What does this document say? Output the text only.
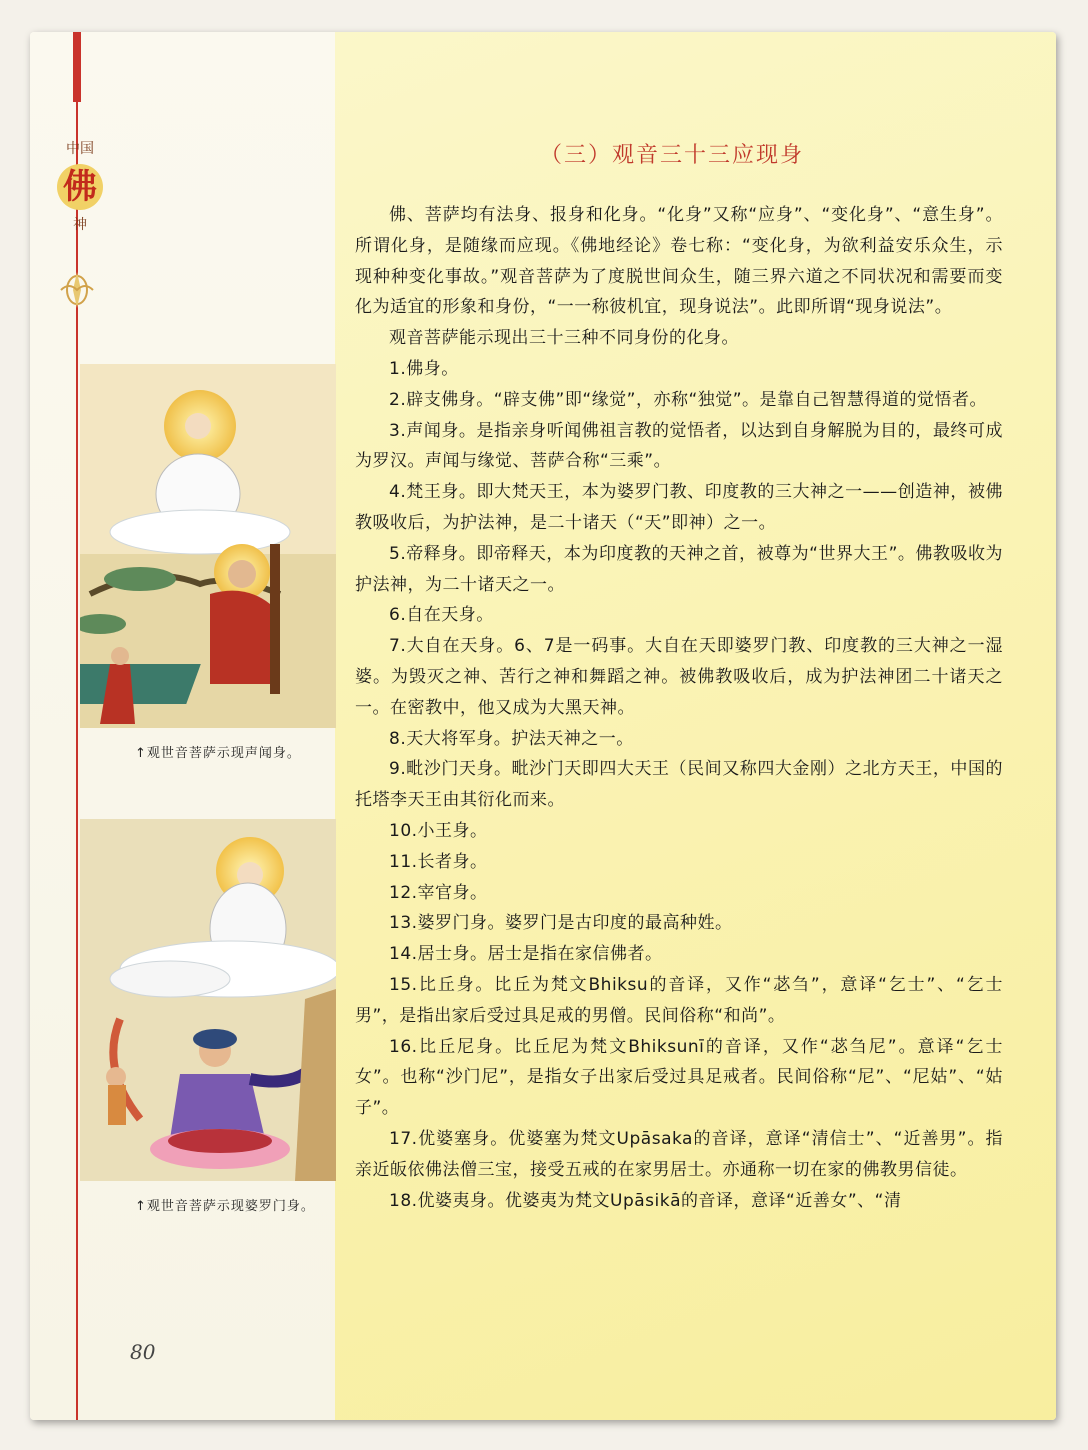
中国
佛
神
↑观世音菩萨示现声闻身。
↑观世音菩萨示现婆罗门身。
80
（三）观音三十三应现身

佛、菩萨均有法身、报身和化身。“化身”又称“应身”、“变化身”、“意生身”。所谓化身，是随缘而应现。《佛地经论》卷七称：“变化身，为欲利益安乐众生，示现种种变化事故。”观音菩萨为了度脱世间众生，随三界六道之不同状况和需要而变化为适宜的形象和身份，“一一称彼机宜，现身说法”。此即所谓“现身说法”。

观音菩萨能示现出三十三种不同身份的化身。

1.佛身。

2.辟支佛身。“辟支佛”即“缘觉”，亦称“独觉”。是靠自己智慧得道的觉悟者。

3.声闻身。是指亲身听闻佛祖言教的觉悟者，以达到自身解脱为目的，最终可成为罗汉。声闻与缘觉、菩萨合称“三乘”。

4.梵王身。即大梵天王，本为婆罗门教、印度教的三大神之一——创造神，被佛教吸收后，为护法神，是二十诸天（“天”即神）之一。

5.帝释身。即帝释天，本为印度教的天神之首，被尊为“世界大王”。佛教吸收为护法神，为二十诸天之一。

6.自在天身。

7.大自在天身。6、7是一码事。大自在天即婆罗门教、印度教的三大神之一湿婆。为毁灭之神、苦行之神和舞蹈之神。被佛教吸收后，成为护法神团二十诸天之一。在密教中，他又成为大黑天神。

8.天大将军身。护法天神之一。

9.毗沙门天身。毗沙门天即四大天王（民间又称四大金刚）之北方天王，中国的托塔李天王由其衍化而来。

10.小王身。

11.长者身。

12.宰官身。

13.婆罗门身。婆罗门是古印度的最高种姓。

14.居士身。居士是指在家信佛者。

15.比丘身。比丘为梵文Bhiksu的音译，又作“苾刍”，意译“乞士”、“乞士男”，是指出家后受过具足戒的男僧。民间俗称“和尚”。

16.比丘尼身。比丘尼为梵文Bhiksunī的音译，又作“苾刍尼”。意译“乞士女”。也称“沙门尼”，是指女子出家后受过具足戒者。民间俗称“尼”、“尼姑”、“姑子”。

17.优婆塞身。优婆塞为梵文Upāsaka的音译，意译“清信士”、“近善男”。指亲近皈依佛法僧三宝，接受五戒的在家男居士。亦通称一切在家的佛教男信徒。

18.优婆夷身。优婆夷为梵文Upāsikā的音译，意译“近善女”、“清
